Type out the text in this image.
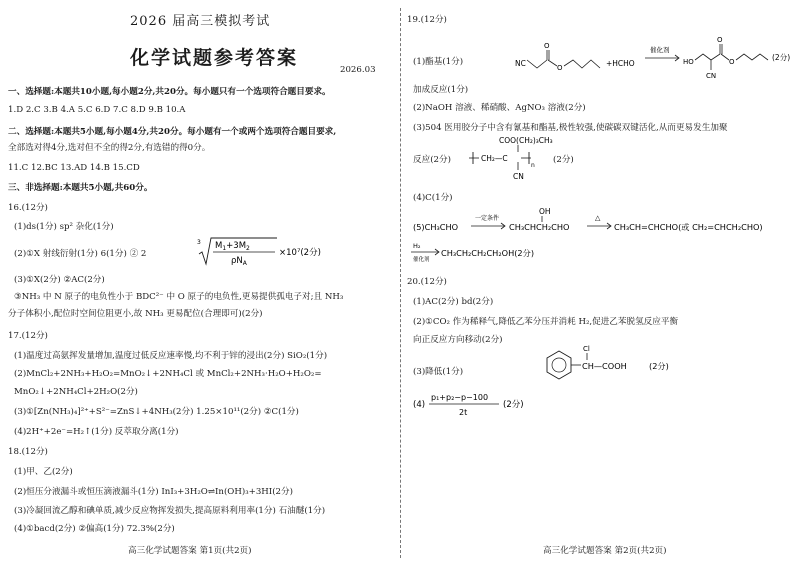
2026 届高三模拟考试
化学试题参考答案
2026.03
一、选择题:本题共10小题,每小题2分,共20分。每小题只有一个选项符合题目要求。
1.D 2.C 3.B 4.A 5.C 6.D 7.C 8.D 9.B 10.A
二、选择题:本题共5小题,每小题4分,共20分。每小题有一个或两个选项符合题目要求,
全部选对得4分,选对但不全的得2分,有选错的得0分。
11.C 12.BC 13.AD 14.B 15.CD
三、非选择题:本题共5小题,共60分。
16.(12分)
(1)ds(1分) sp² 杂化(1分)
(2)①X 射线衍射(1分) 6(1分) ② 2
3 $M_1+3M_2$
$\rho N_A$
×10⁷(2分)
(3)①X(2分) ②AC(2分)
③NH₃ 中 N 原子的电负性小于 BDC²⁻ 中 O 原子的电负性,更易提供孤电子对;且 NH₃
分子体积小,配位时空间位阻更小,故 NH₃ 更易配位(合理即可)(2分)
17.(12分)
(1)温度过高氨挥发量增加,温度过低反应速率慢,均不利于锌的浸出(2分) SiO₂(1分)
(2)MnCl₂+2NH₃+H₂O₂=MnO₂↓+2NH₄Cl 或 MnCl₂+2NH₃·H₂O+H₂O₂=
MnO₂↓+2NH₄Cl+2H₂O(2分)
(3)①[Zn(NH₃)₄]²⁺+S²⁻=ZnS↓+4NH₃(2分) 1.25×10¹¹(2分) ②C(1分)
(4)2H⁺+2e⁻=H₂↑(1分) 反萃取分离(1分)
18.(12分)
(1)甲、乙(2分)
(2)恒压分液漏斗或恒压滴液漏斗(1分) InI₃+3H₂O⇌In(OH)₃+3HI(2分)
(3)冷凝回流乙醇和碘单质,减少反应物挥发损失,提高原料利用率(1分) 石油醚(1分)
(4)①bacd(2分) ②偏高(1分) 72.3%(2分)
高三化学试题答案 第1页(共2页)
19.(12分)
(1)酯基(1分)	NC
O
O	+HCHO
催化剂
HO
CN
O
O	(2分)
加成反应(1分)
(2)NaOH 溶液、稀硝酸、AgNO₃ 溶液(2分)
(3)504 医用胶分子中含有氰基和酯基,极性较强,使碳碳双键活化,从而更易发生加聚
反应(2分)
COO(CH₂)₃CH₃
CH₂—C
n
CN
(2分)
(4)C(1分)
(5)CH₃CHO
一定条件
OH
CH₃CHCH₂CHO
△
CH₃CH=CHCHO(或 CH₂=CHCH₂CHO)
H₂
催化剂
CH₃CH₂CH₂CH₂OH(2分)
20.(12分)
(1)AC(2分) bd(2分)
(2)①CO₂ 作为稀释气,降低乙苯分压并消耗 H₂,促进乙苯脱氢反应平衡
向正反应方向移动(2分)
(3)降低(1分)
Cl
CH—COOH	(2分)
(4)
p₁+p₂−p−100
2t
(2分)
高三化学试题答案 第2页(共2页)
